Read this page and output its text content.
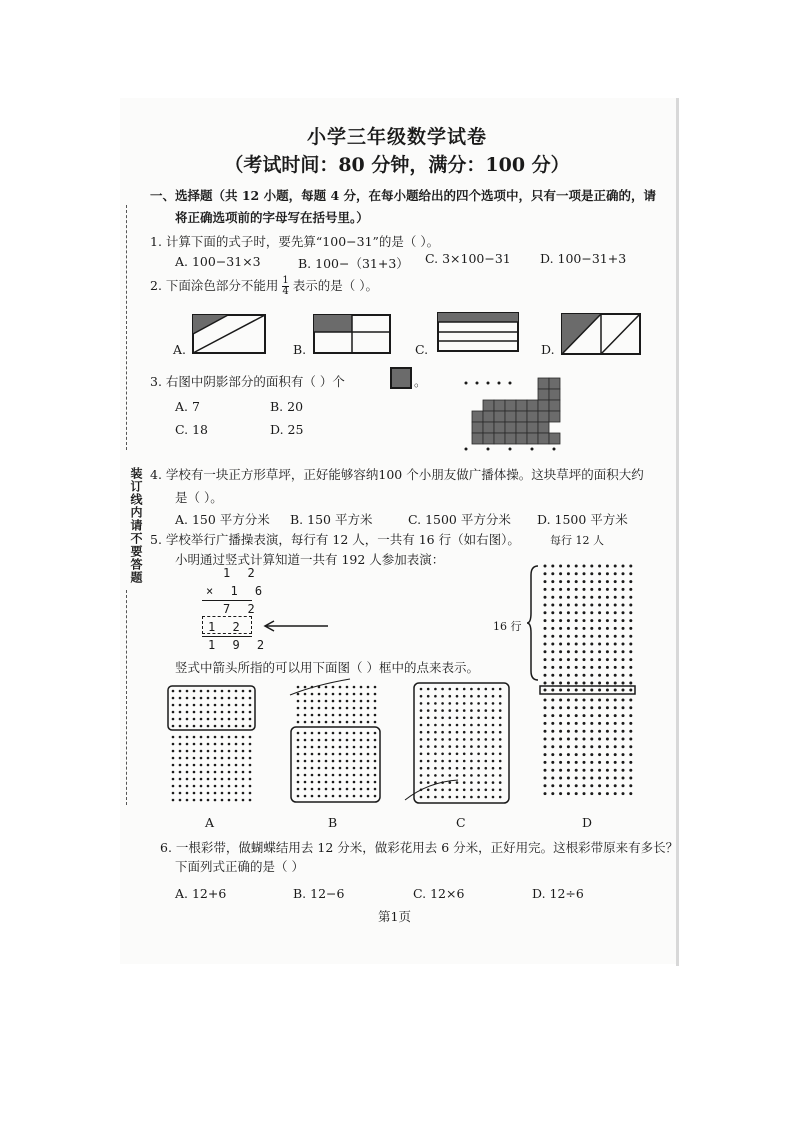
装订线内请不要答题
小学三年级数学试卷
（考试时间：80 分钟，满分：100 分）
一、选择题（共 12 小题，每题 4 分，在每小题给出的四个选项中，只有一项是正确的，请
将正确选项前的字母写在括号里。）
1. 计算下面的式子时，要先算“100−31”的是（ ）。
A. 100−31×3	B. 100−（31+3） C. 3×100−31 D. 100−31+3
2. 下面涂色部分不能用 $\frac{1}{4}$ 表示的是（ ）。
A.	B.	C.	D.
3. 右图中阴影部分的面积有（ ）个	。
A. 7	B. 20
C. 18	D. 25
4. 学校有一块正方形草坪，正好能够容纳100 个小朋友做广播体操。这块草坪的面积大约
是（ ）。
A. 150 平方分米 B. 150 平方米	C. 1500 平方分米 D. 1500 平方米
5. 学校举行广播操表演，每行有 12 人，一共有 16 行（如右图）。
小明通过竖式计算知道一共有 192 人参加表演：
1 2
× 1 6
7 2
1 2
1 9 2
竖式中箭头所指的可以用下面图（ ）框中的点来表示。
每行 12 人
16 行
A	B	C	D
6. 一根彩带，做蝴蝶结用去 12 分米，做彩花用去 6 分米，正好用完。这根彩带原来有多长？
下面列式正确的是（ ）
A. 12+6	B. 12−6	C. 12×6	D. 12÷6
第1页
